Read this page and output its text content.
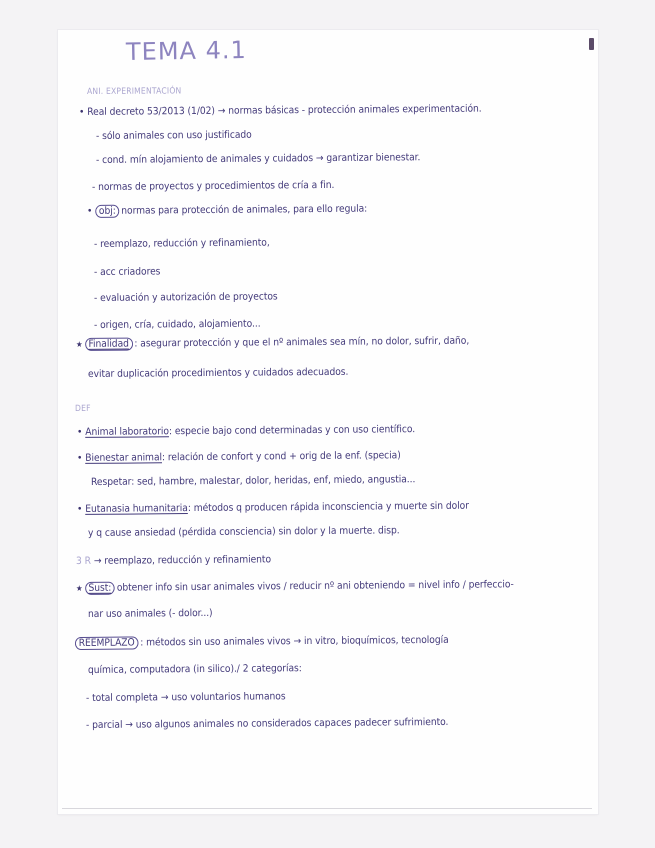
TEMA 4.1

ANI. EXPERIMENTACIÓN

• Real decreto 53/2013 (1/02) → normas básicas - protección animales experimentación.

- sólo animales con uso justificado

- cond. mín alojamiento de animales y cuidados → garantizar bienestar.

- normas de proyectos y procedimientos de cría a fin.

• obj: normas para protección de animales, para ello regula:

- reemplazo, reducción y refinamiento,

- acc criadores

- evaluación y autorización de proyectos

- origen, cría, cuidado, alojamiento...

★ Finalidad : asegurar protección y que el nº animales sea mín, no dolor, sufrir, daño,

evitar duplicación procedimientos y cuidados adecuados.

DEF

• Animal laboratorio: especie bajo cond determinadas y con uso científico.

• Bienestar animal: relación de confort y cond + orig de la enf. (specia)

Respetar: sed, hambre, malestar, dolor, heridas, enf, miedo, angustia...

• Eutanasia humanitaria: métodos q producen rápida inconsciencia y muerte sin dolor

y q cause ansiedad (pérdida consciencia) sin dolor y la muerte. disp.

3 R → reemplazo, reducción y refinamiento

★ Sust: obtener info sin usar animales vivos / reducir nº ani obteniendo = nivel info / perfeccio-

nar uso animales (- dolor...)

REEMPLAZO : métodos sin uso animales vivos → in vitro, bioquímicos, tecnología

química, computadora (in silico)./ 2 categorías:

- total completa → uso voluntarios humanos

- parcial → uso algunos animales no considerados capaces padecer sufrimiento.
